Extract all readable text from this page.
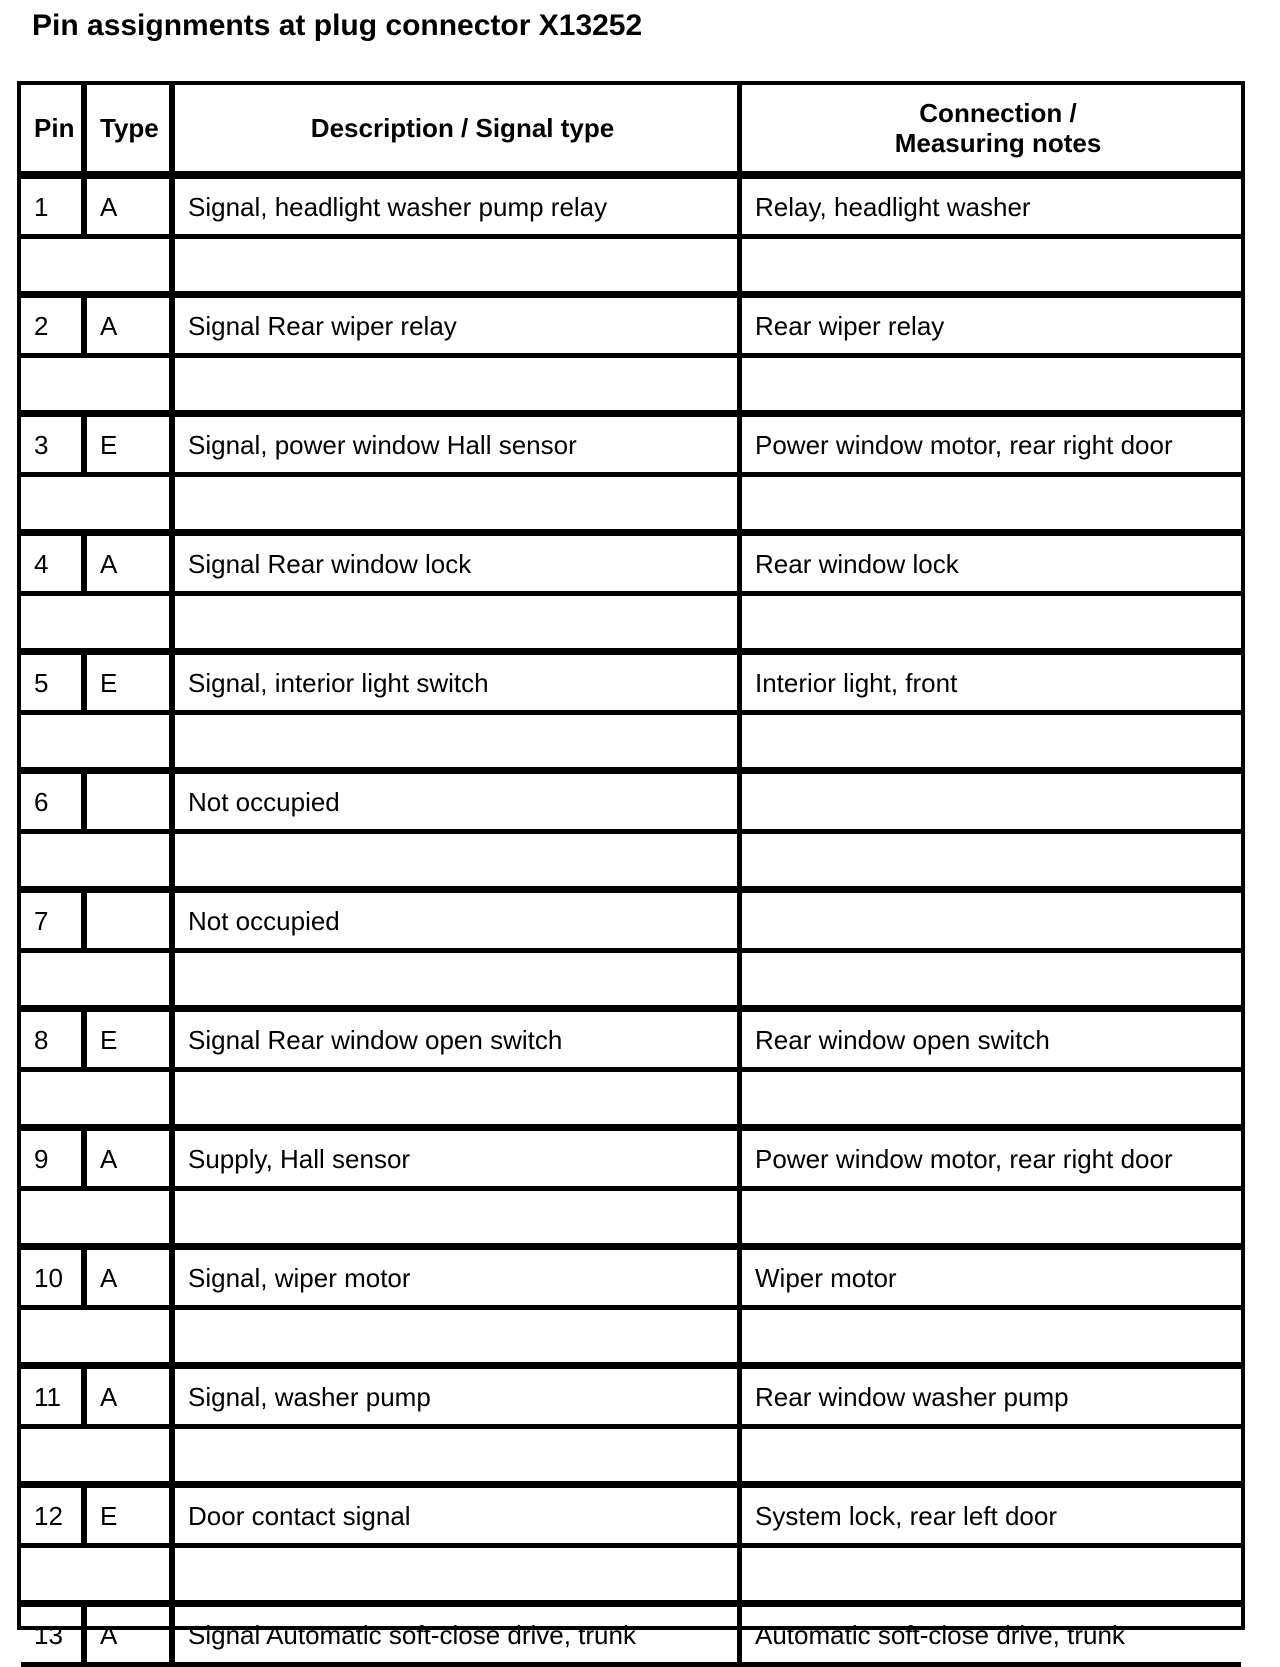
Pin assignments at plug connector X13252
Pin	Type	Description / Signal type	Connection /
Measuring notes

1	A	Signal, headlight washer pump relay	Relay, headlight washer

2	A	Signal Rear wiper relay	Rear wiper relay

3	E	Signal, power window Hall sensor	Power window motor, rear right door

4	A	Signal Rear window lock	Rear window lock

5	E	Signal, interior light switch	Interior light, front

6		Not occupied	

7		Not occupied	

8	E	Signal Rear window open switch	Rear window open switch

9	A	Supply, Hall sensor	Power window motor, rear right door

10	A	Signal, wiper motor	Wiper motor

11	A	Signal, washer pump	Rear window washer pump

12	E	Door contact signal	System lock, rear left door

13	A	Signal Automatic soft-close drive, trunk	Automatic soft-close drive, trunk
